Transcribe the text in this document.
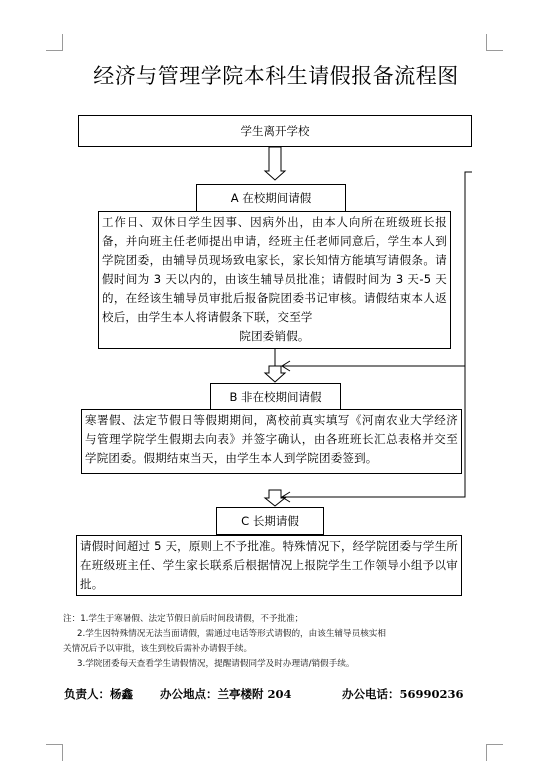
经济与管理学院本科生请假报备流程图
学生离开学校
A 在校期间请假
工作日、双休日学生因事、因病外出，由本人向所在班级班长报备，并向班主任老师提出申请，经班主任老师同意后，学生本人到学院团委，由辅导员现场致电家长，家长知情方能填写请假条。请假时间为 3 天以内的，由该生辅导员批准；请假时间为 3 天-5 天的，在经该生辅导员审批后报备院团委书记审核。请假结束本人返校后，由学生本人将请假条下联，交至学
院团委销假。
B 非在校期间请假
寒署假、法定节假日等假期期间，离校前真实填写《河南农业大学经济与管理学院学生假期去向表》并签字确认，由各班班长汇总表格并交至学院团委。假期结束当天，由学生本人到学院团委签到。
C 长期请假
请假时间超过 5 天，原则上不予批准。特殊情况下，经学院团委与学生所在班级班主任、学生家长联系后根据情况上报院学生工作领导小组予以审批。
注：1.学生于寒暑假、法定节假日前后时间段请假，不予批准；
2.学生因特殊情况无法当面请假，需通过电话等形式请假的，由该生辅导员核实相
关情况后予以审批，该生到校后需补办请假手续。
3.学院团委每天查看学生请假情况，提醒请假同学及时办理请/销假手续。
负责人：杨鑫 办公地点：兰亭楼附 204	办公电话：56990236
